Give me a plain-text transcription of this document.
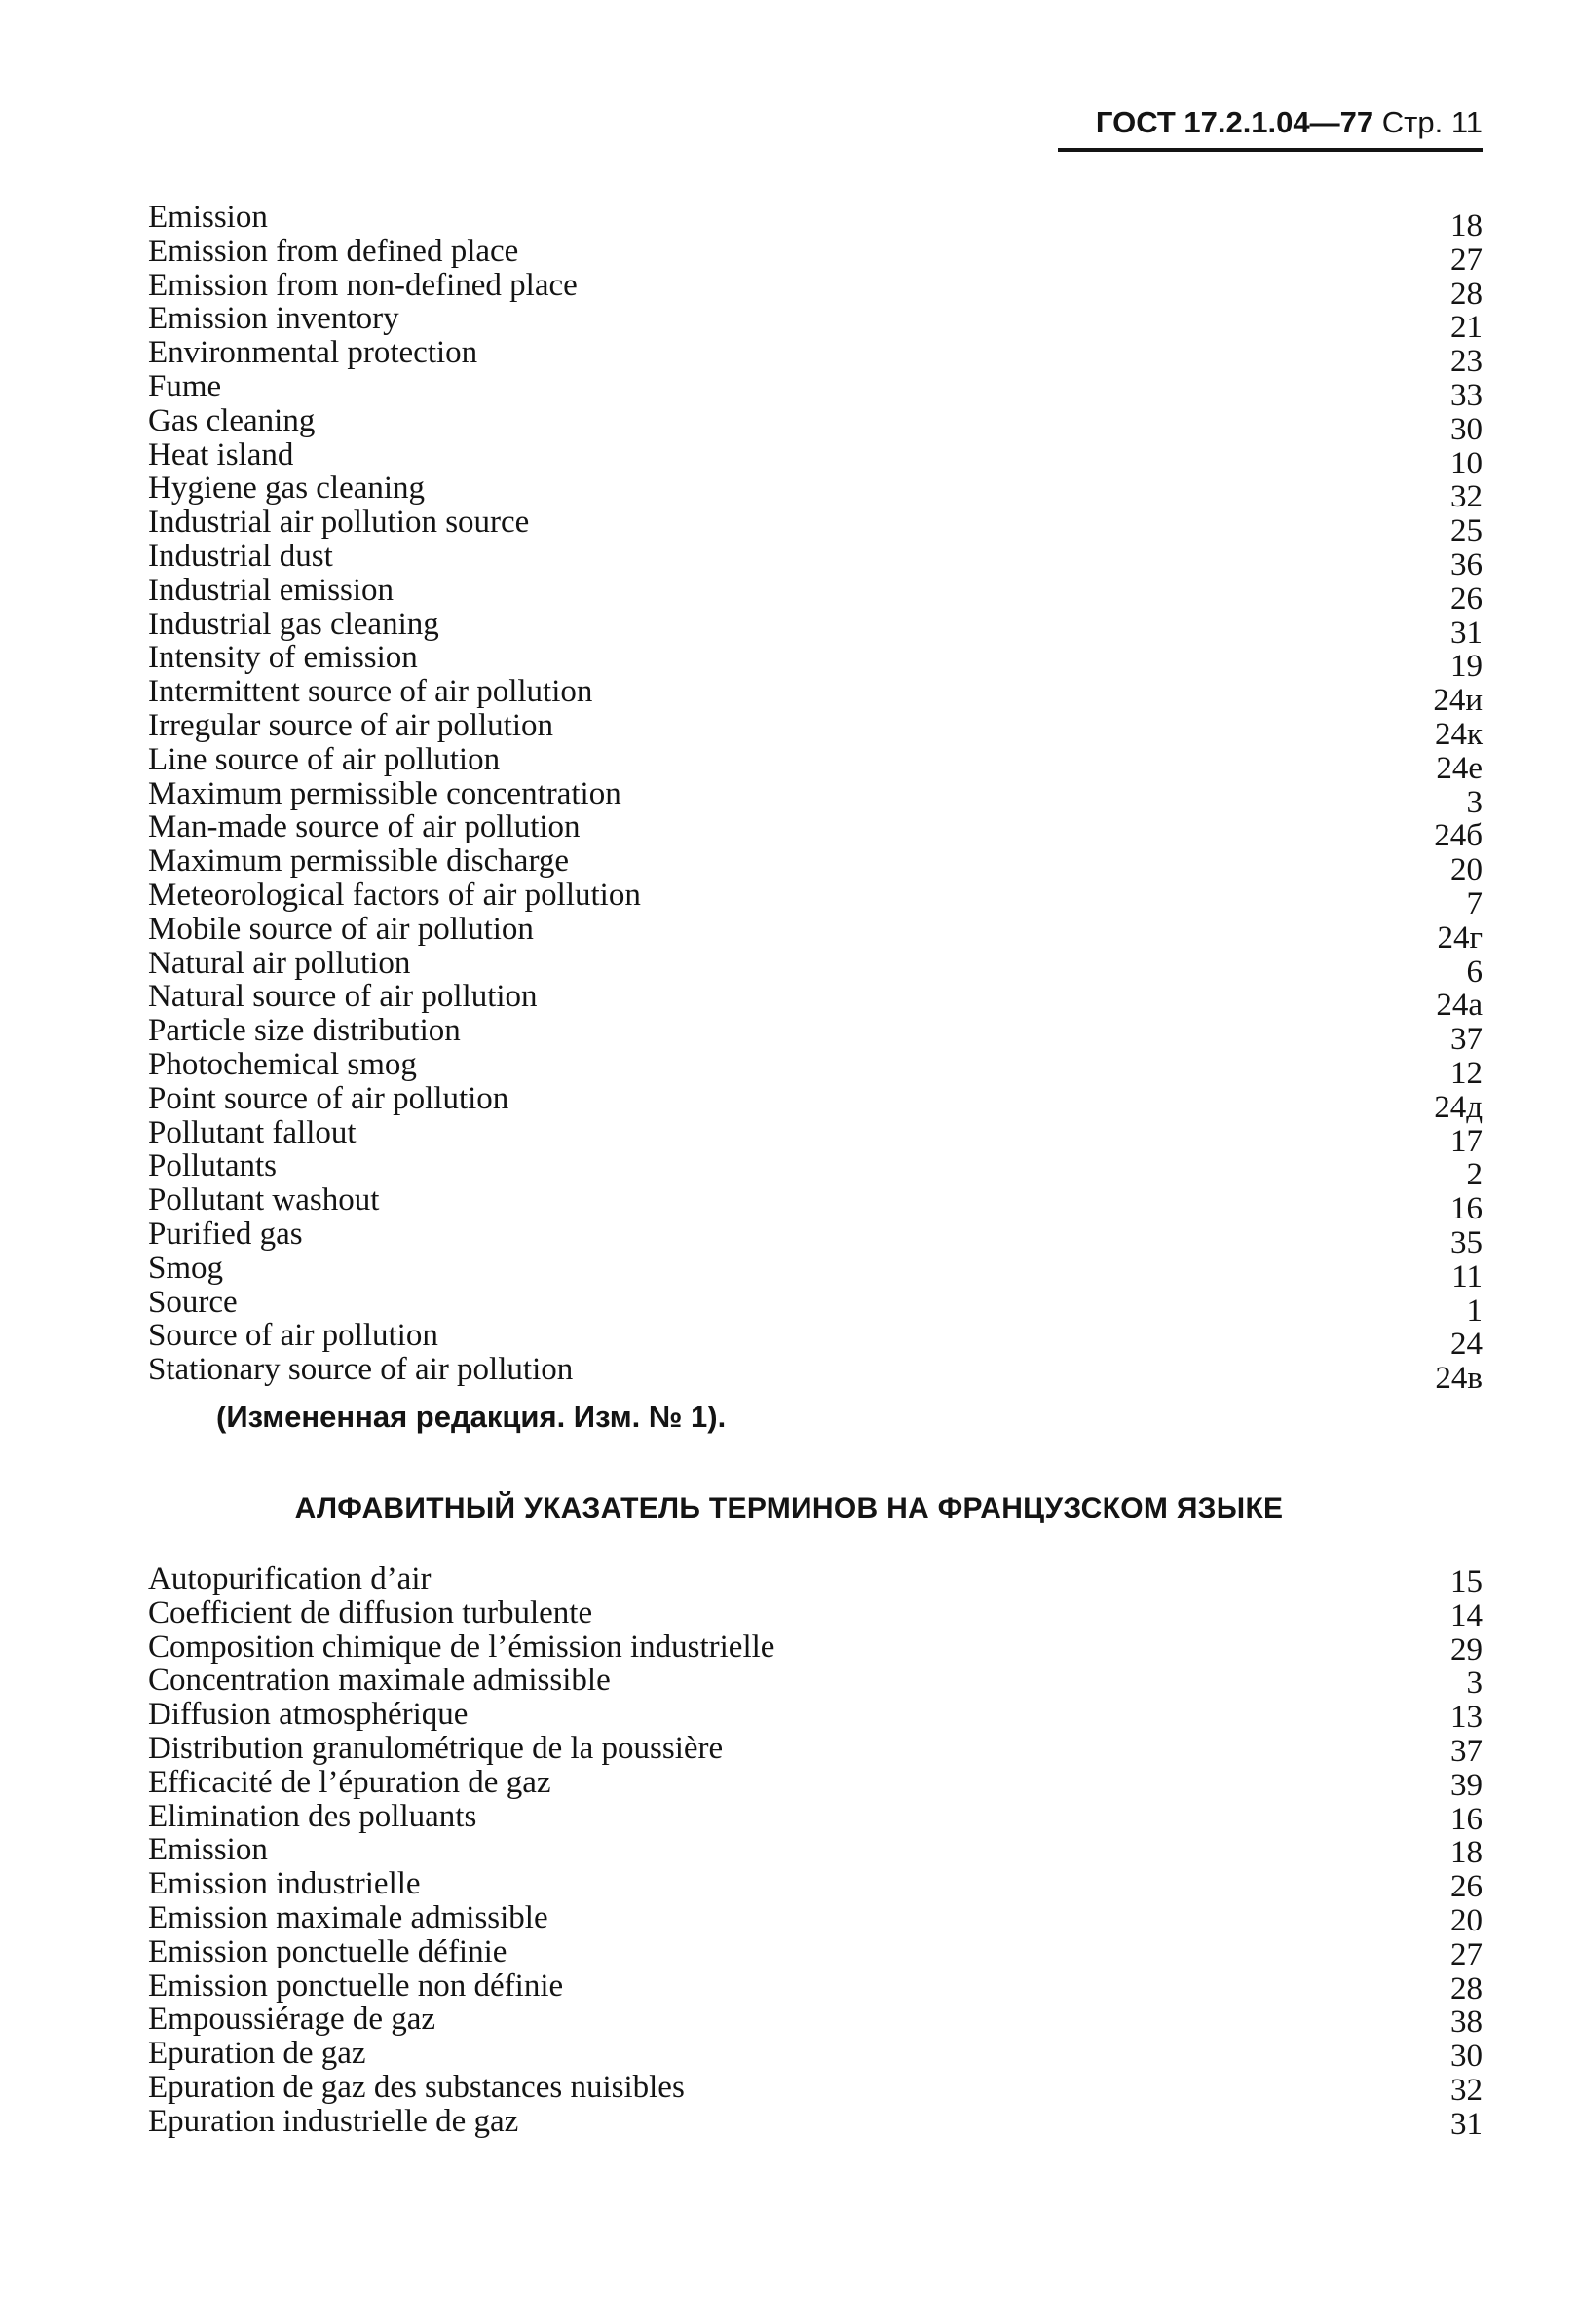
ГОСТ 17.2.1.04—77 Стр. 11
Emission	18
Emission from defined place	27
Emission from non-defined place	28
Emission inventory	21
Environmental protection	23
Fume	33
Gas cleaning	30
Heat island	10
Hygiene gas cleaning	32
Industrial air pollution source	25
Industrial dust	36
Industrial emission	26
Industrial gas cleaning	31
Intensity of emission	19
Intermittent source of air pollution	24и
Irregular source of air pollution	24к
Line source of air pollution	24е
Maximum permissible concentration	3
Man-made source of air pollution	24б
Maximum permissible discharge	20
Meteorological factors of air pollution	7
Mobile source of air pollution	24г
Natural air pollution	6
Natural source of air pollution	24а
Particle size distribution	37
Photochemical smog	12
Point source of air pollution	24д
Pollutant fallout	17
Pollutants	2
Pollutant washout	16
Purified gas	35
Smog	11
Source	1
Source of air pollution	24
Stationary source of air pollution	24в
(Измененная редакция. Изм. № 1).
АЛФАВИТНЫЙ УКАЗАТЕЛЬ ТЕРМИНОВ НА ФРАНЦУЗСКОМ ЯЗЫКЕ
Autopurification d’air	15
Coefficient de diffusion turbulente	14
Composition chimique de l’émission industrielle	29
Concentration maximale admissible	3
Diffusion atmosphérique	13
Distribution granulométrique de la poussière	37
Efficacité de l’épuration de gaz	39
Elimination des polluants	16
Emission	18
Emission industrielle	26
Emission maximale admissible	20
Emission ponctuelle définie	27
Emission ponctuelle non définie	28
Empoussiérage de gaz	38
Epuration de gaz	30
Epuration de gaz des substances nuisibles	32
Epuration industrielle de gaz	31
